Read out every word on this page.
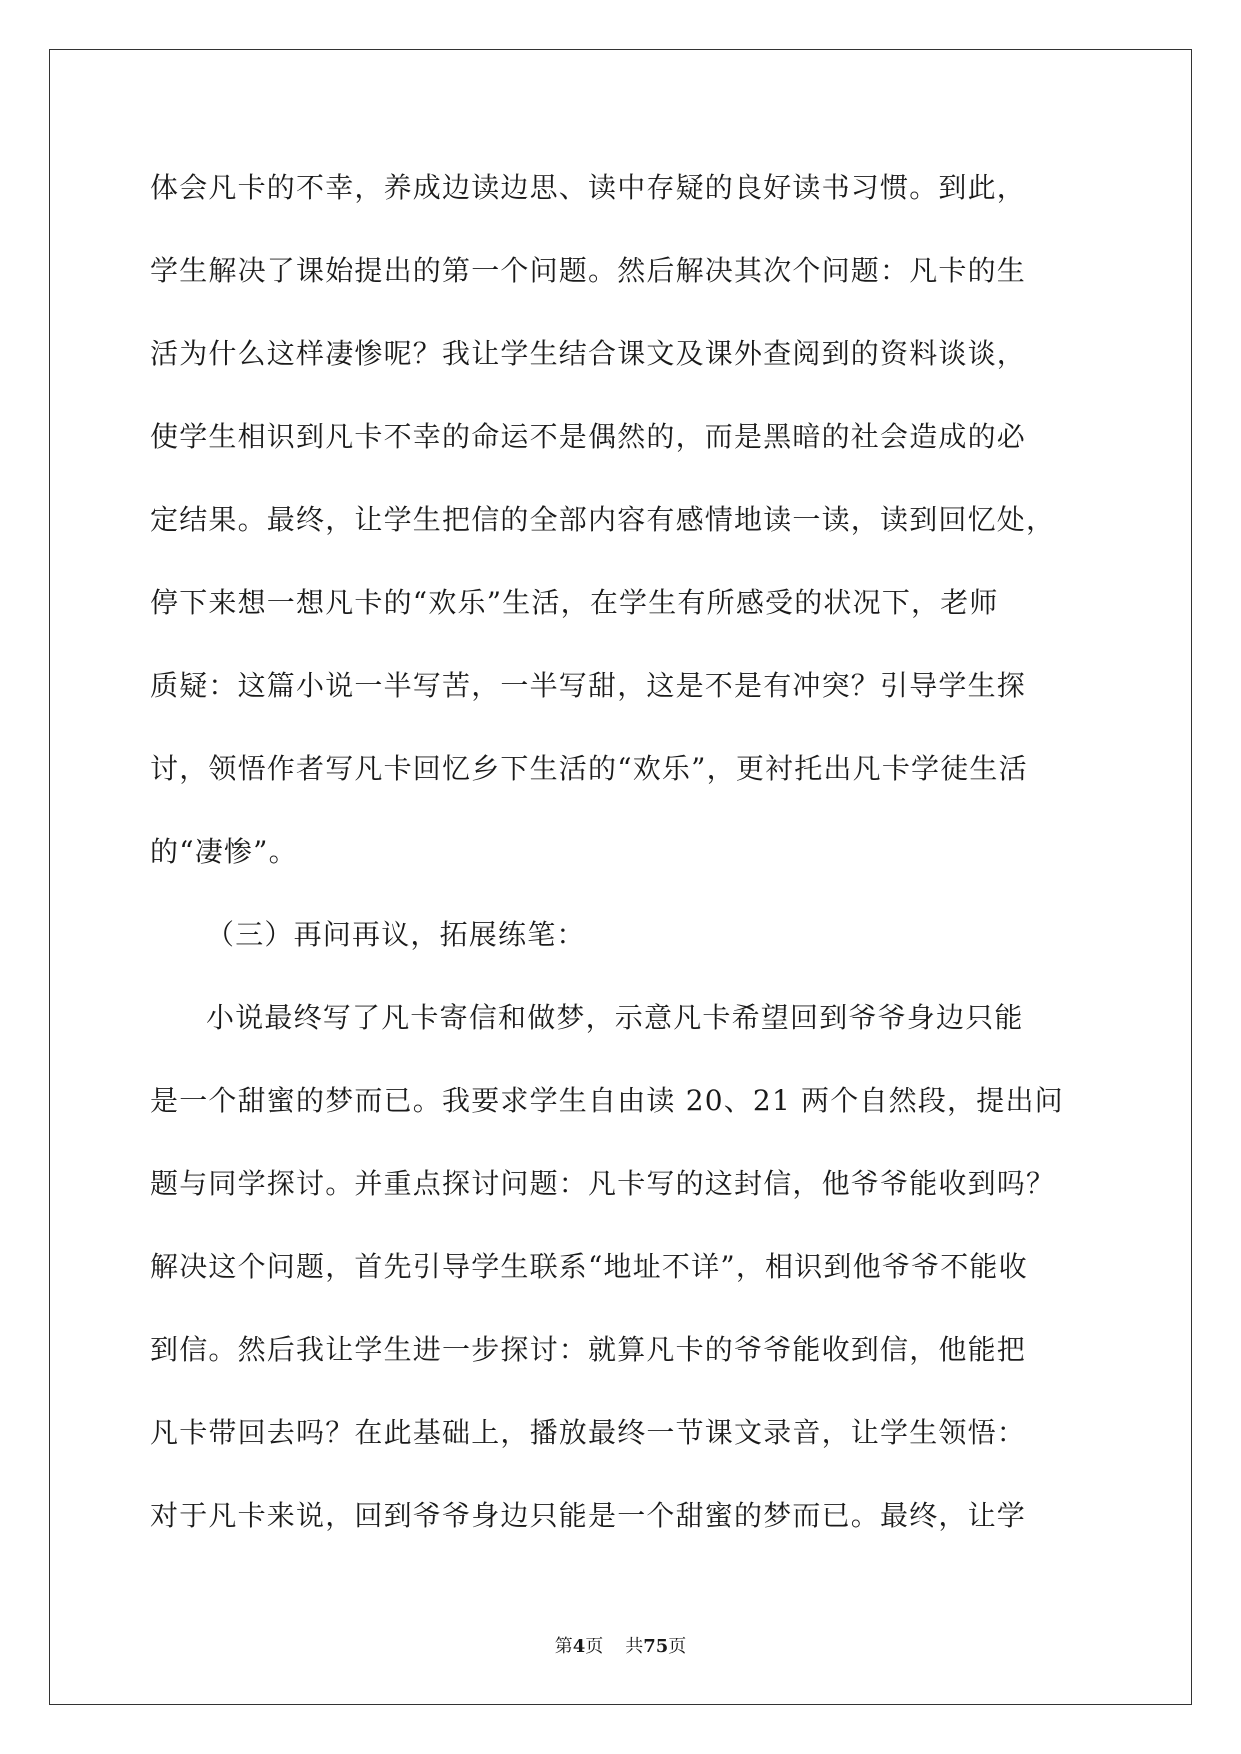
体会凡卡的不幸，养成边读边思、读中存疑的良好读书习惯。到此，
学生解决了课始提出的第一个问题。然后解决其次个问题：凡卡的生
活为什么这样凄惨呢？我让学生结合课文及课外查阅到的资料谈谈，
使学生相识到凡卡不幸的命运不是偶然的，而是黑暗的社会造成的必
定结果。最终，让学生把信的全部内容有感情地读一读，读到回忆处，
停下来想一想凡卡的“欢乐”生活，在学生有所感受的状况下，老师
质疑：这篇小说一半写苦，一半写甜，这是不是有冲突？引导学生探
讨，领悟作者写凡卡回忆乡下生活的“欢乐”，更衬托出凡卡学徒生活
的“凄惨”。
（三）再问再议，拓展练笔：
小说最终写了凡卡寄信和做梦，示意凡卡希望回到爷爷身边只能
是一个甜蜜的梦而已。我要求学生自由读 20、21 两个自然段，提出问
题与同学探讨。并重点探讨问题：凡卡写的这封信，他爷爷能收到吗？
解决这个问题，首先引导学生联系“地址不详”，相识到他爷爷不能收
到信。然后我让学生进一步探讨：就算凡卡的爷爷能收到信，他能把
凡卡带回去吗？在此基础上，播放最终一节课文录音，让学生领悟：
对于凡卡来说，回到爷爷身边只能是一个甜蜜的梦而已。最终，让学
第4页 共75页
